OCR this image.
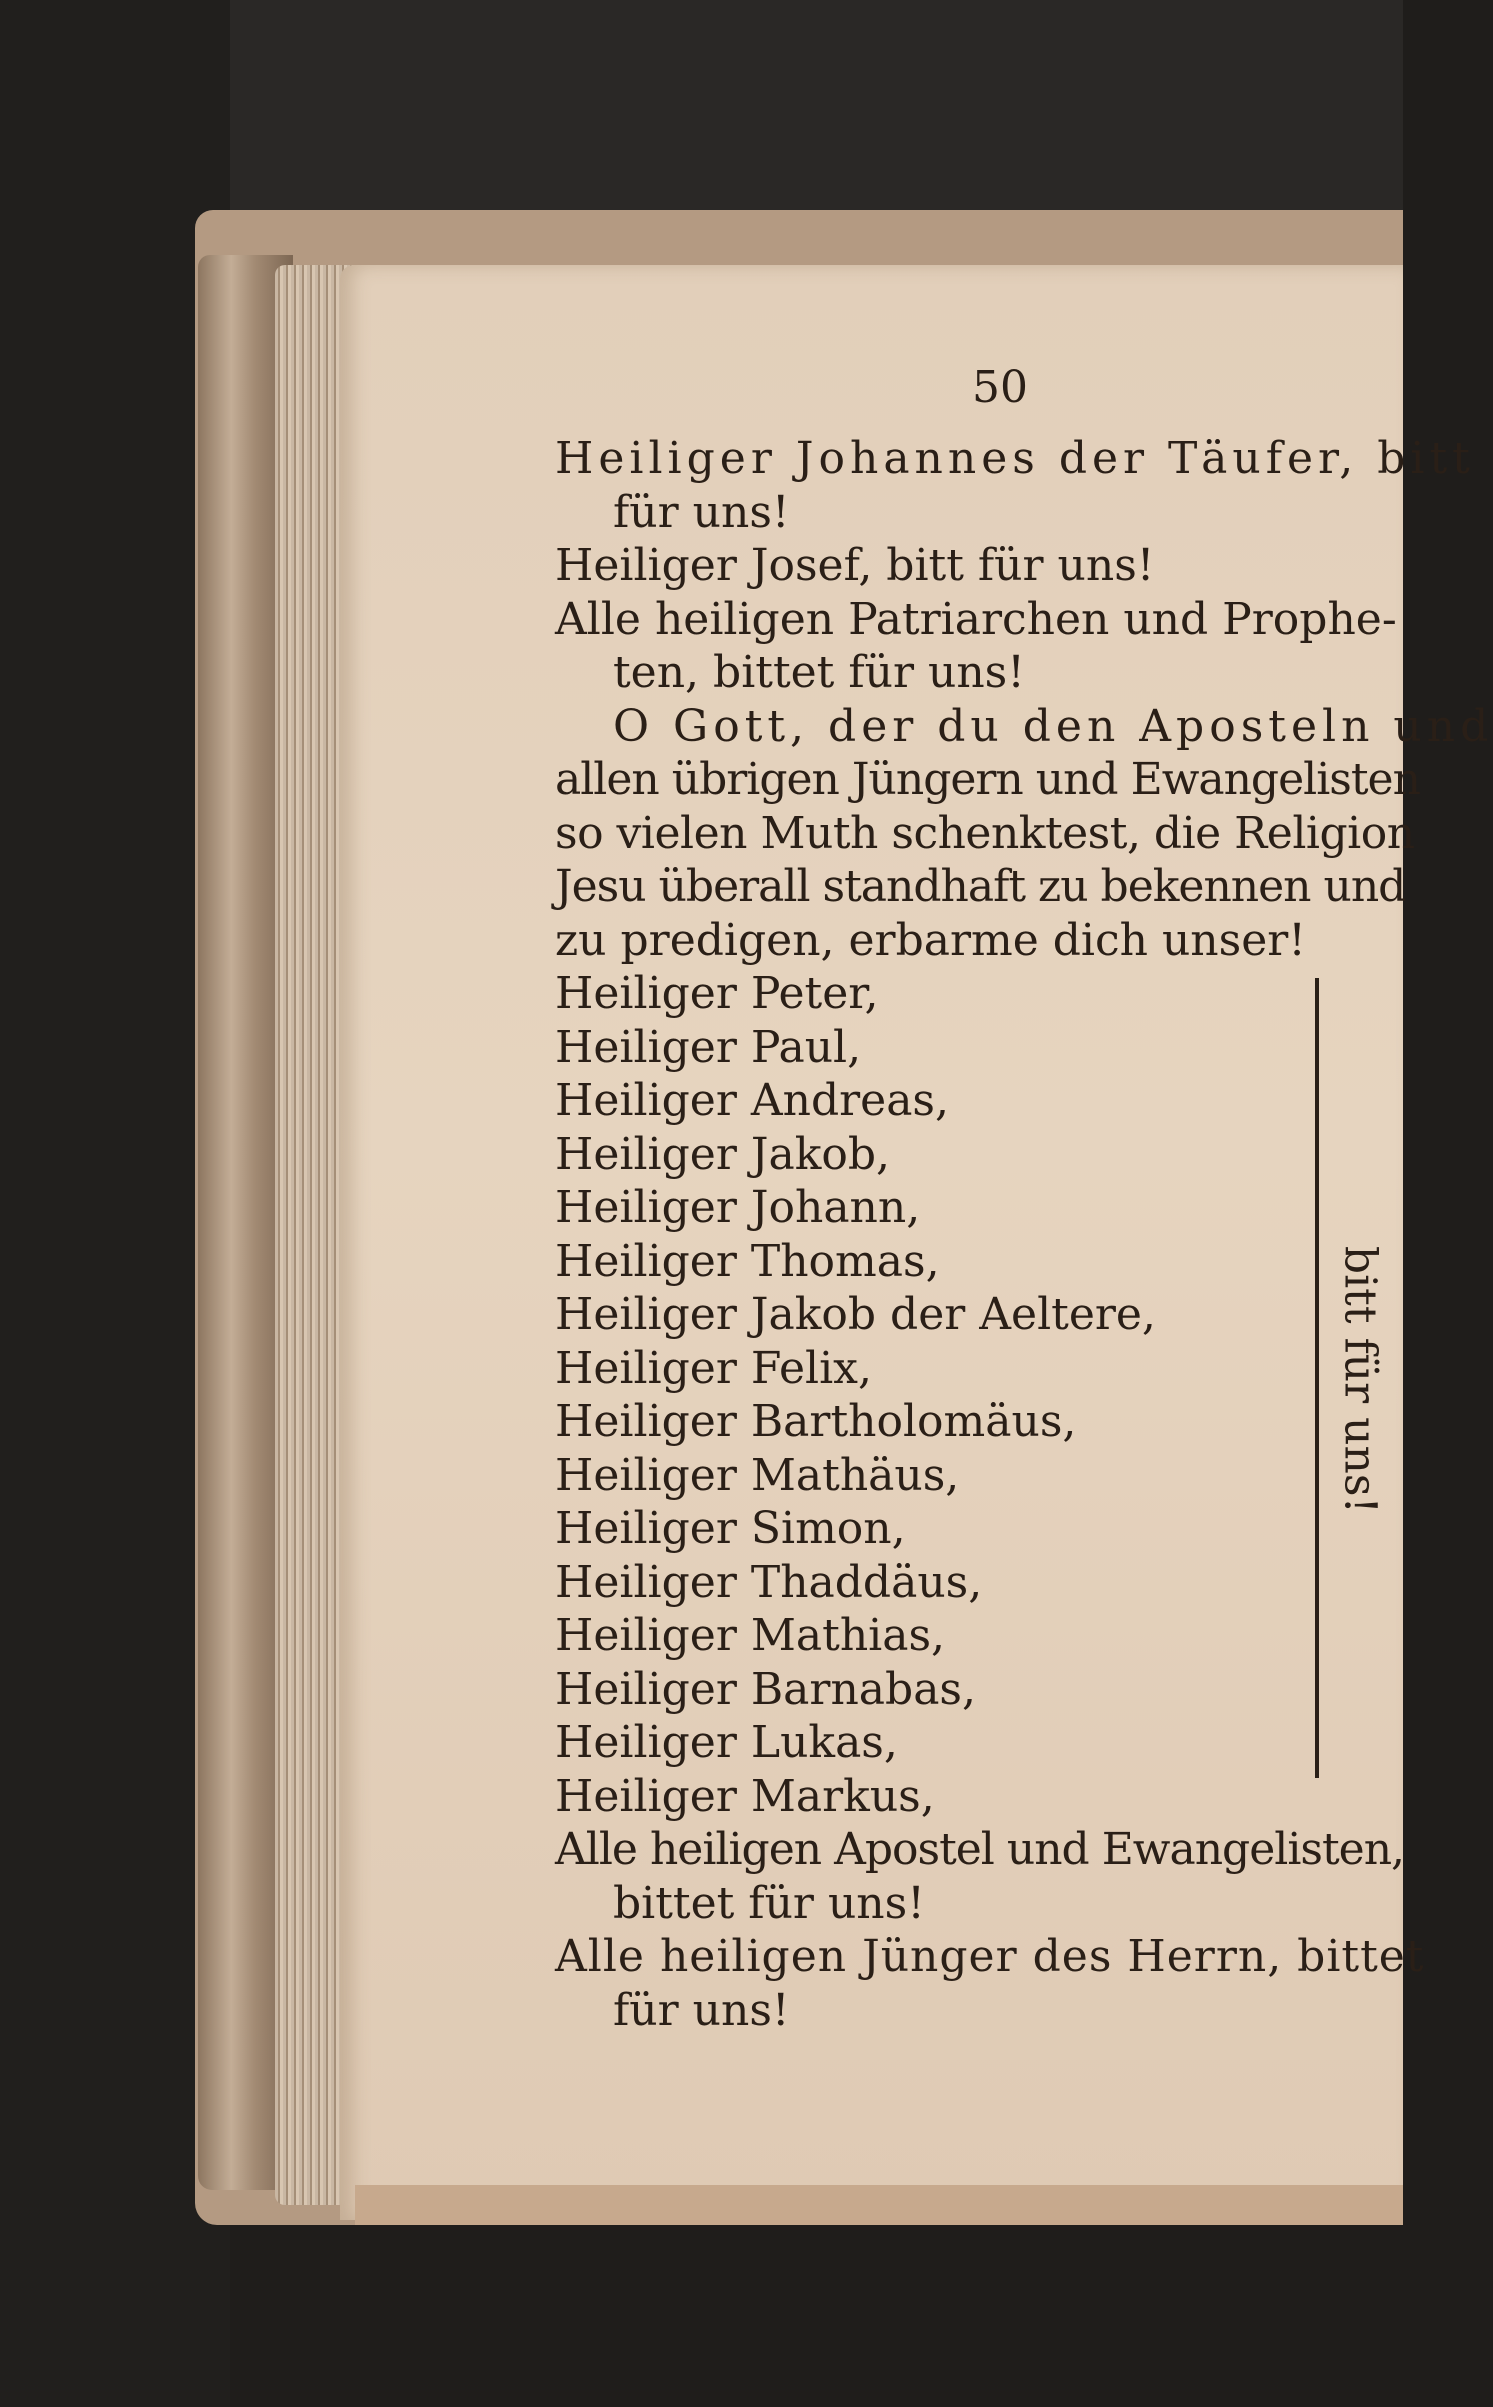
50
Heiliger Johannes der Täufer, bitt
für uns!
Heiliger Josef, bitt für uns!
Alle heiligen Patriarchen und Prophe-
ten, bittet für uns!
O Gott, der du den Aposteln und
allen übrigen Jüngern und Ewangelisten
so vielen Muth schenktest, die Religion
Jesu überall standhaft zu bekennen und
zu predigen, erbarme dich unser!
Heiliger Peter,
Heiliger Paul,
Heiliger Andreas,
Heiliger Jakob,
Heiliger Johann,
Heiliger Thomas,
Heiliger Jakob der Aeltere,
Heiliger Felix,
Heiliger Bartholomäus,
Heiliger Mathäus,
Heiliger Simon,
Heiliger Thaddäus,
Heiliger Mathias,
Heiliger Barnabas,
Heiliger Lukas,
Heiliger Markus,
Alle heiligen Apostel und Ewangelisten,
bittet für uns!
Alle heiligen Jünger des Herrn, bittet
für uns!
bitt für uns!
